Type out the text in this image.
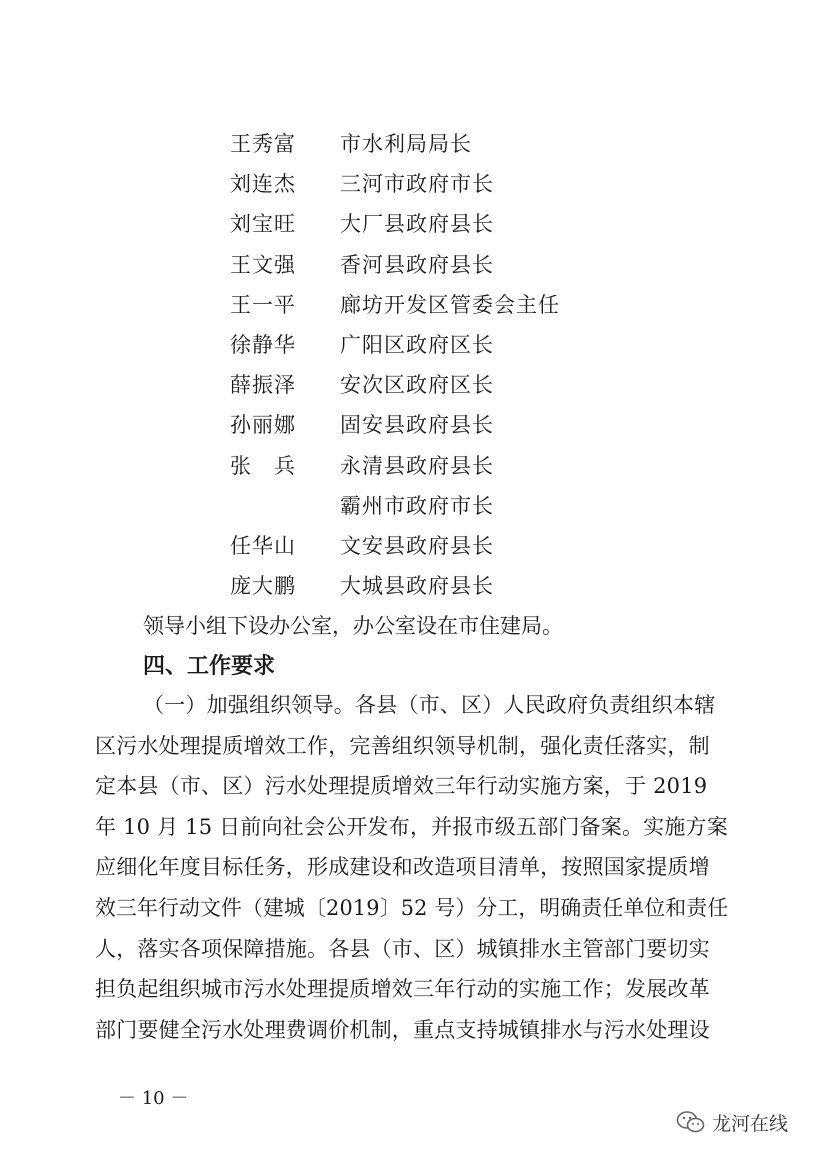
王秀富 市水利局局长
刘连杰 三河市政府市长
刘宝旺 大厂县政府县长
王文强 香河县政府县长
王一平 廊坊开发区管委会主任
徐静华 广阳区政府区长
薛振泽 安次区政府区长
孙丽娜 固安县政府县长
张　兵 永清县政府县长
霸州市政府市长
任华山 文安县政府县长
庞大鹏 大城县政府县长
领导小组下设办公室，办公室设在市住建局。
四、工作要求
（一）加强组织领导。各县（市、区）人民政府负责组织本辖
区污水处理提质增效工作，完善组织领导机制，强化责任落实，制
定本县（市、区）污水处理提质增效三年行动实施方案，于 2019
年 10 月 15 日前向社会公开发布，并报市级五部门备案。实施方案
应细化年度目标任务，形成建设和改造项目清单，按照国家提质增
效三年行动文件（建城〔2019〕52 号）分工，明确责任单位和责任
人，落实各项保障措施。各县（市、区）城镇排水主管部门要切实
担负起组织城市污水处理提质增效三年行动的实施工作；发展改革
部门要健全污水处理费调价机制，重点支持城镇排水与污水处理设
－ 10 －
龙河在线
